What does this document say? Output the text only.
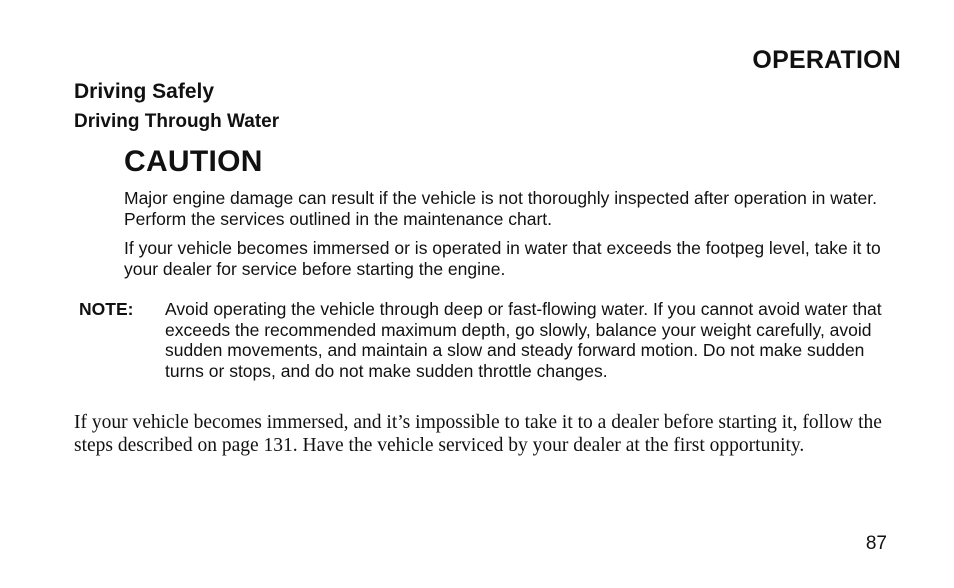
OPERATION
Driving Safely
Driving Through Water
CAUTION

Major engine damage can result if the vehicle is not thoroughly inspected after operation in water. Perform the services outlined in the maintenance chart.

If your vehicle becomes immersed or is operated in water that exceeds the footpeg level, take it to your dealer for service before starting the engine.

NOTE: Avoid operating the vehicle through deep or fast-flowing water. If you cannot avoid water that exceeds the recommended maximum depth, go slowly, balance your weight carefully, avoid sudden movements, and maintain a slow and steady forward motion. Do not make sudden turns or stops, and do not make sudden throttle changes.

If your vehicle becomes immersed, and it’s impossible to take it to a dealer before starting it, follow the steps described on page 131. Have the vehicle serviced by your dealer at the first opportunity.

87
